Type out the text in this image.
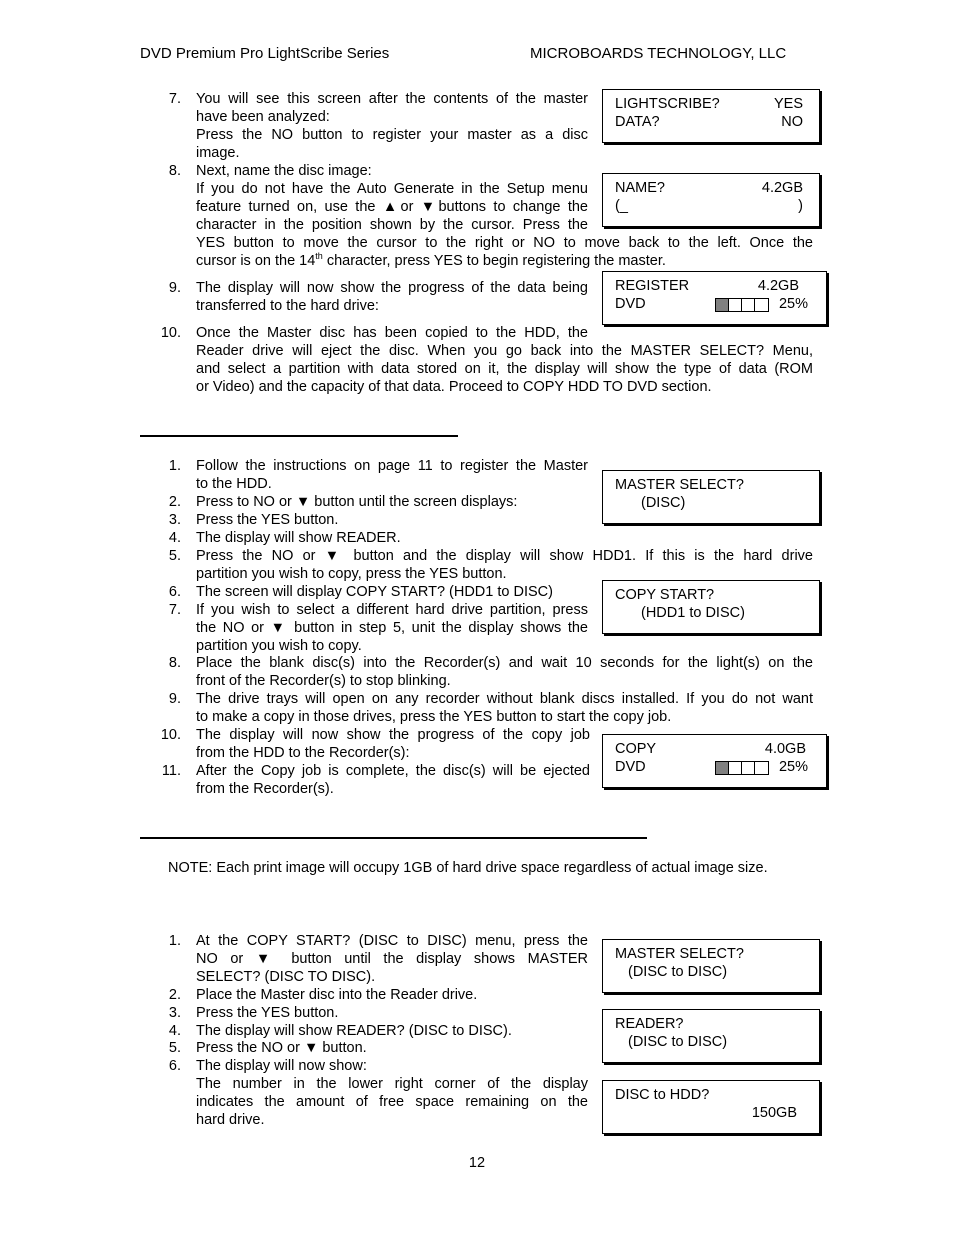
DVD Premium Pro LightScribe Series	MICROBOARDS TECHNOLOGY, LLC
7. You will see this screen after the contents of the master
have been analyzed:
Press the NO button to register your master as a disc
image.
8. Next, name the disc image:
If you do not have the Auto Generate in the Setup menu
feature turned on, use the ▲or ▼buttons to change the
character in the position shown by the cursor. Press the
YES button to move the cursor to the right or NO to move back to the left. Once the
cursor is on the 14th character, press YES to begin registering the master.
9. The display will now show the progress of the data being
transferred to the hard drive:
10. Once the Master disc has been copied to the HDD, the
Reader drive will eject the disc. When you go back into the MASTER SELECT? Menu,
and select a partition with data stored on it, the display will show the type of data (ROM
or Video) and the capacity of that data. Proceed to COPY HDD TO DVD section.
LIGHTSCRIBE?	YES
DATA?	NO
NAME?	4.2GB
(_	)
REGISTER	4.2GB
DVD	25%
1. Follow the instructions on page 11 to register the Master
to the HDD.
2. Press to NO or ▼ button until the screen displays:
3. Press the YES button.
4. The display will show READER.
5. Press the NO or ▼ button and the display will show HDD1. If this is the hard drive
partition you wish to copy, press the YES button.
6. The screen will display COPY START? (HDD1 to DISC)
7. If you wish to select a different hard drive partition, press
the NO or ▼ button in step 5, unit the display shows the
partition you wish to copy.
8. Place the blank disc(s) into the Recorder(s) and wait 10 seconds for the light(s) on the
front of the Recorder(s) to stop blinking.
9. The drive trays will open on any recorder without blank discs installed. If you do not want
to make a copy in those drives, press the YES button to start the copy job.
10. The display will now show the progress of the copy job
from the HDD to the Recorder(s):
11. After the Copy job is complete, the disc(s) will be ejected
from the Recorder(s).
MASTER SELECT?
(DISC)
COPY START?
(HDD1 to DISC)
COPY	4.0GB
DVD	25%
NOTE: Each print image will occupy 1GB of hard drive space regardless of actual image size.
1. At the COPY START? (DISC to DISC) menu, press the
NO or ▼ button until the display shows MASTER
SELECT? (DISC TO DISC).
2. Place the Master disc into the Reader drive.
3. Press the YES button.
4. The display will show READER? (DISC to DISC).
5. Press the NO or ▼ button.
6. The display will now show:
The number in the lower right corner of the display
indicates the amount of free space remaining on the
hard drive.
MASTER SELECT?
(DISC to DISC)
READER?
(DISC to DISC)
DISC to HDD?
150GB
12
